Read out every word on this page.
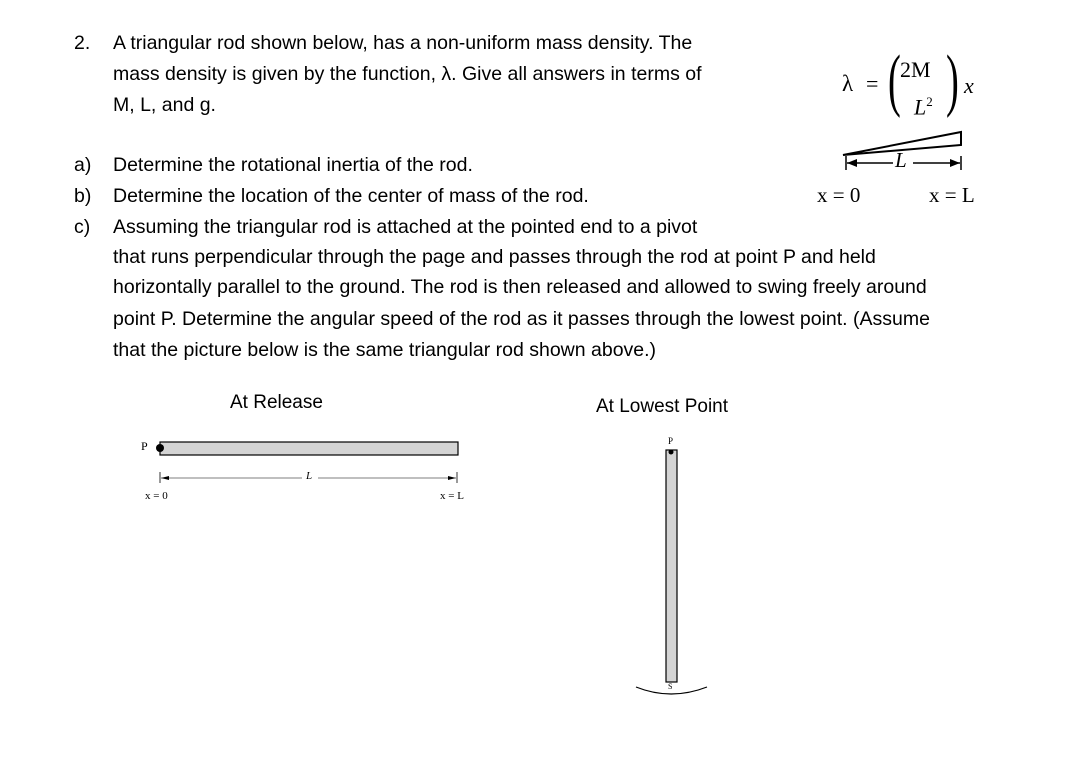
2. A triangular rod shown below, has a non-uniform mass density. The
mass density is given by the function, λ. Give all answers in terms of
M, L, and g.
λ = ( 2M
$L^2$ ) x
a) Determine the rotational inertia of the rod.
b) Determine the location of the center of mass of the rod.
c) Assuming the triangular rod is attached at the pointed end to a pivot
that runs perpendicular through the page and passes through the rod at point P and held
horizontally parallel to the ground. The rod is then released and allowed to swing freely around
point P. Determine the angular speed of the rod as it passes through the lowest point. (Assume
that the picture below is the same triangular rod shown above.)
L
x = 0	x = L
At Release
P
L
x = 0	x = L
At Lowest Point
P
S
